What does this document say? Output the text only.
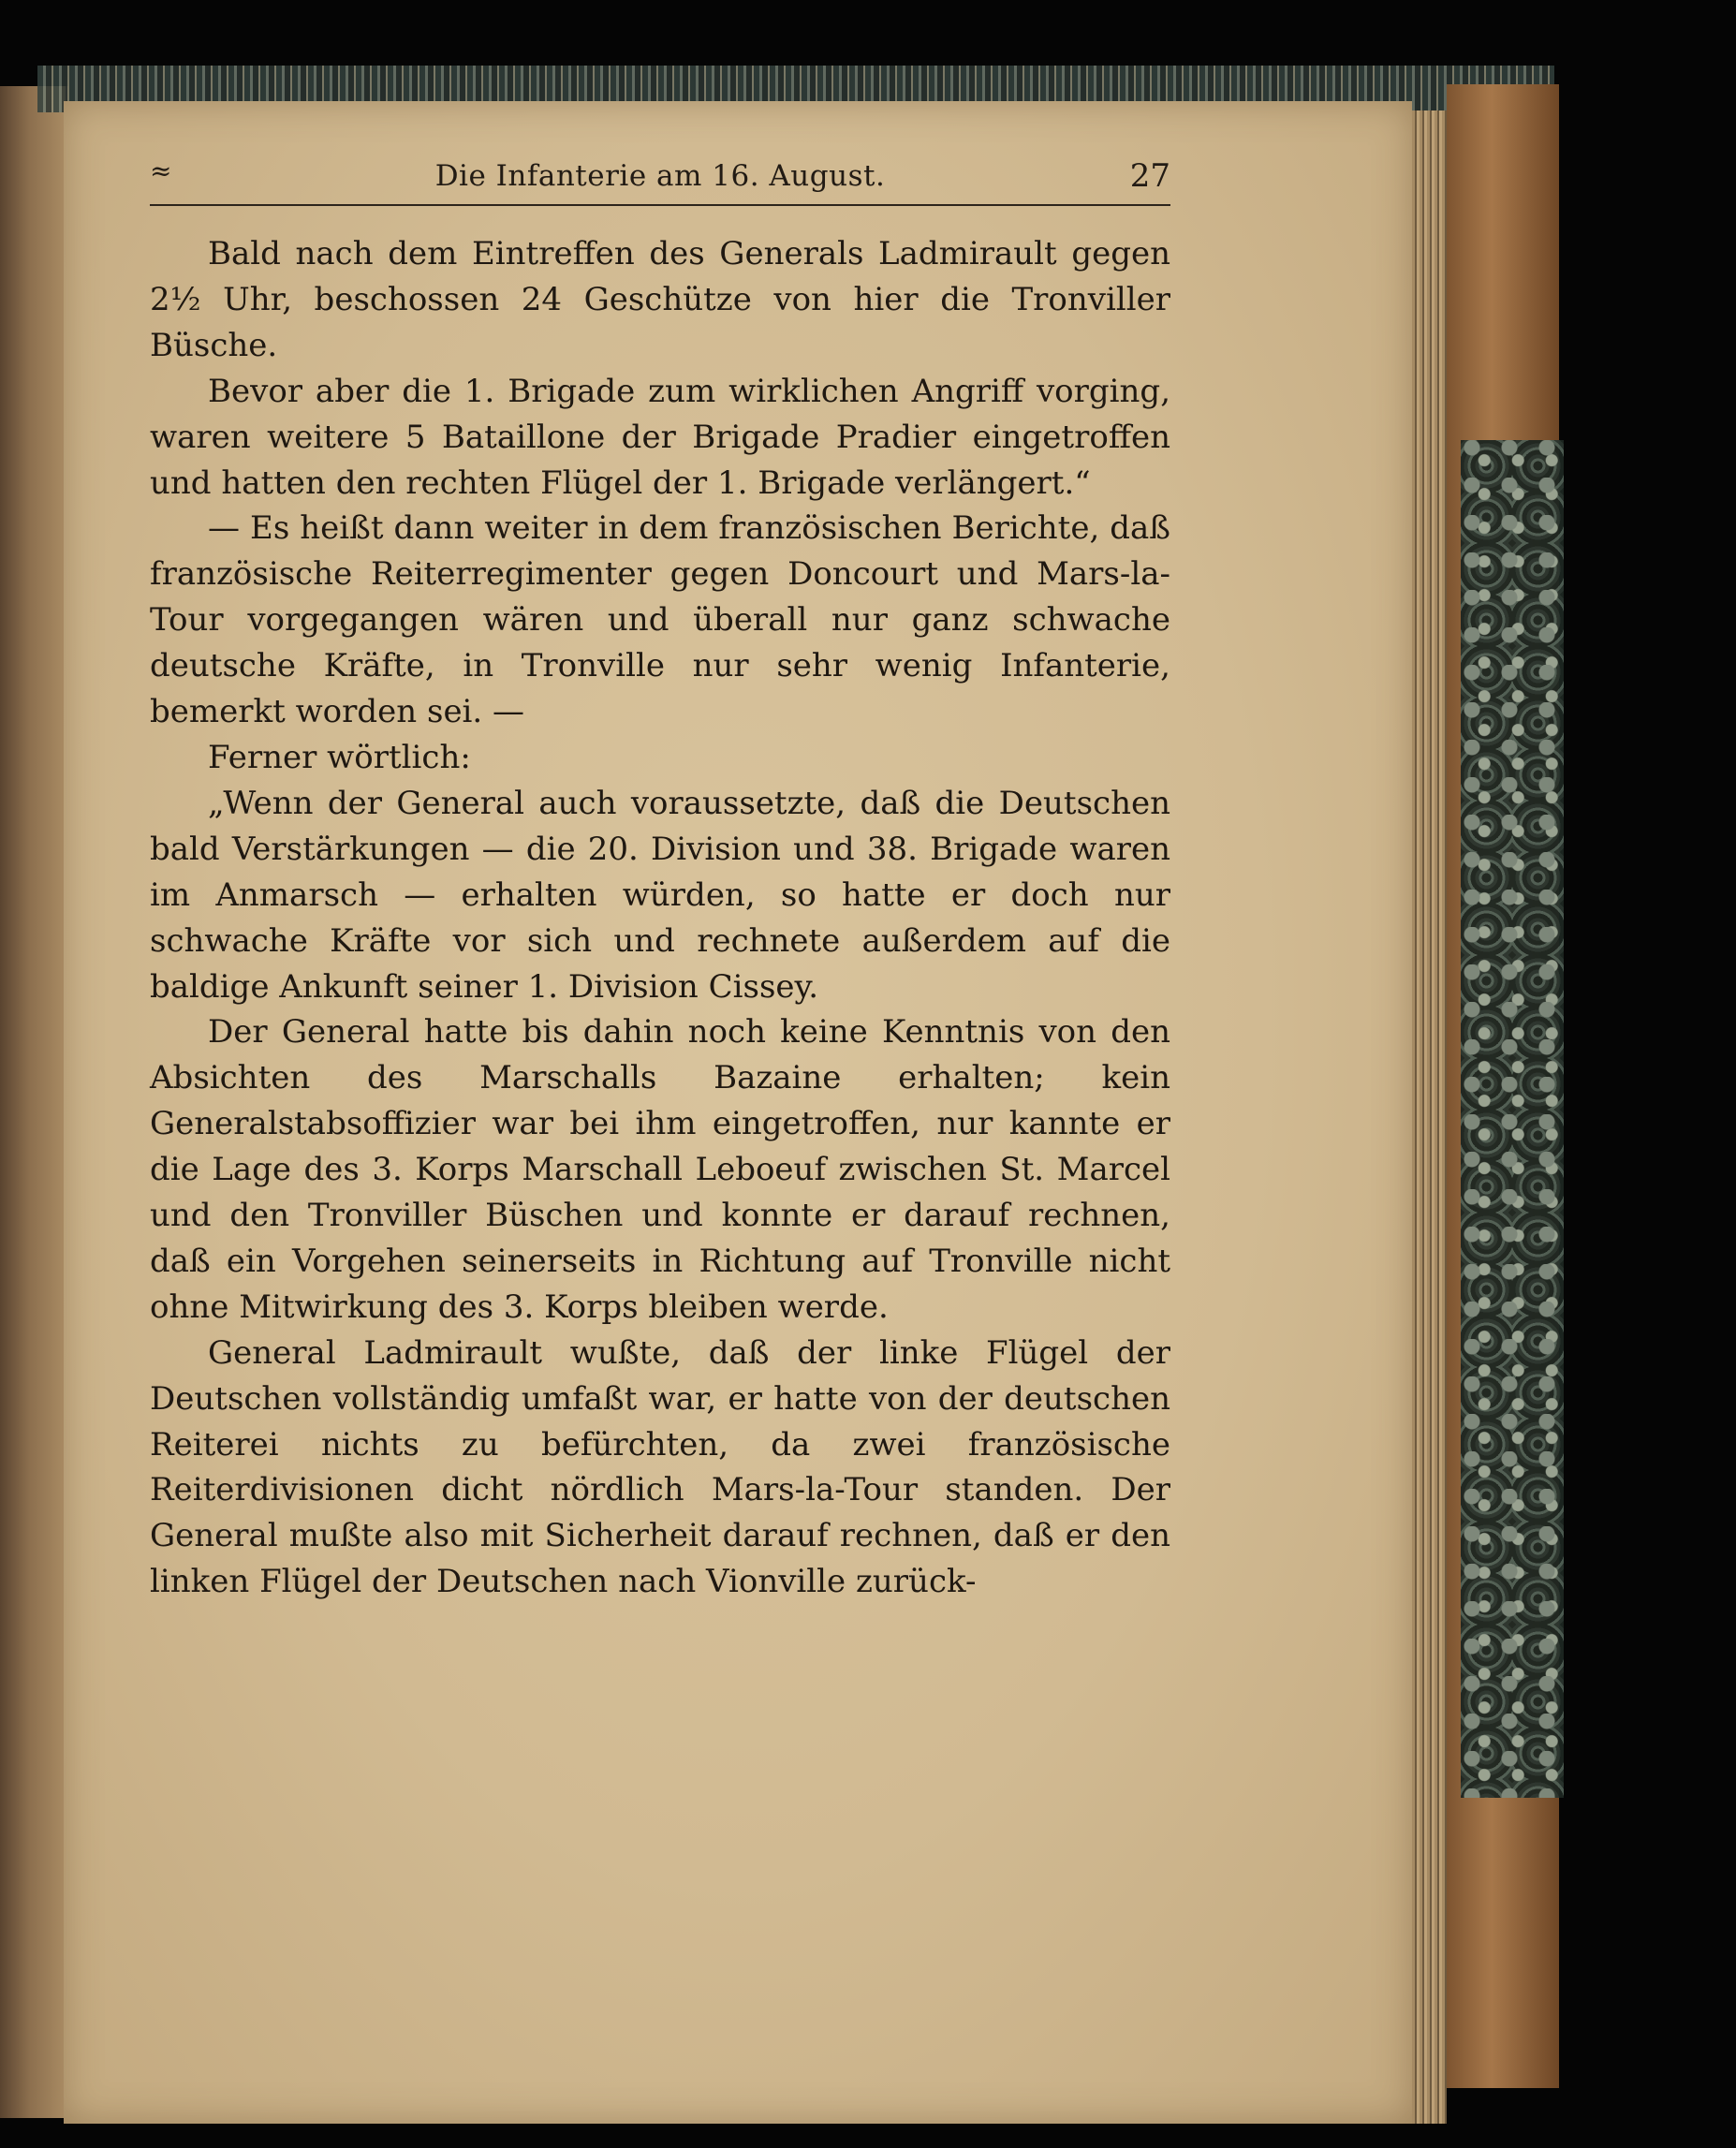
≈	Die Infanterie am 16. August.	27

Bald nach dem Eintreffen des Generals Ladmirault gegen 2½ Uhr, beschossen 24 Geschütze von hier die Tronviller Büsche.

Bevor aber die 1. Brigade zum wirklichen Angriff vorging, waren weitere 5 Bataillone der Brigade Pradier eingetroffen und hatten den rechten Flügel der 1. Brigade verlängert.“

— Es heißt dann weiter in dem französischen Berichte, daß französische Reiterregimenter gegen Doncourt und Mars-la-Tour vorgegangen wären und überall nur ganz schwache deutsche Kräfte, in Tronville nur sehr wenig Infanterie, bemerkt worden sei. —

Ferner wörtlich:

„Wenn der General auch voraussetzte, daß die Deutschen bald Verstärkungen — die 20. Division und 38. Brigade waren im Anmarsch — erhalten würden, so hatte er doch nur schwache Kräfte vor sich und rechnete außerdem auf die baldige Ankunft seiner 1. Division Cissey.

Der General hatte bis dahin noch keine Kenntnis von den Absichten des Marschalls Bazaine erhalten; kein Generalstabsoffizier war bei ihm eingetroffen, nur kannte er die Lage des 3. Korps Marschall Leboeuf zwischen St. Marcel und den Tronviller Büschen und konnte er darauf rechnen, daß ein Vorgehen seinerseits in Richtung auf Tronville nicht ohne Mitwirkung des 3. Korps bleiben werde.

General Ladmirault wußte, daß der linke Flügel der Deutschen vollständig umfaßt war, er hatte von der deutschen Reiterei nichts zu befürchten, da zwei französische Reiterdivisionen dicht nördlich Mars-la-Tour standen. Der General mußte also mit Sicherheit darauf rechnen, daß er den linken Flügel der Deutschen nach Vionville zurück-
